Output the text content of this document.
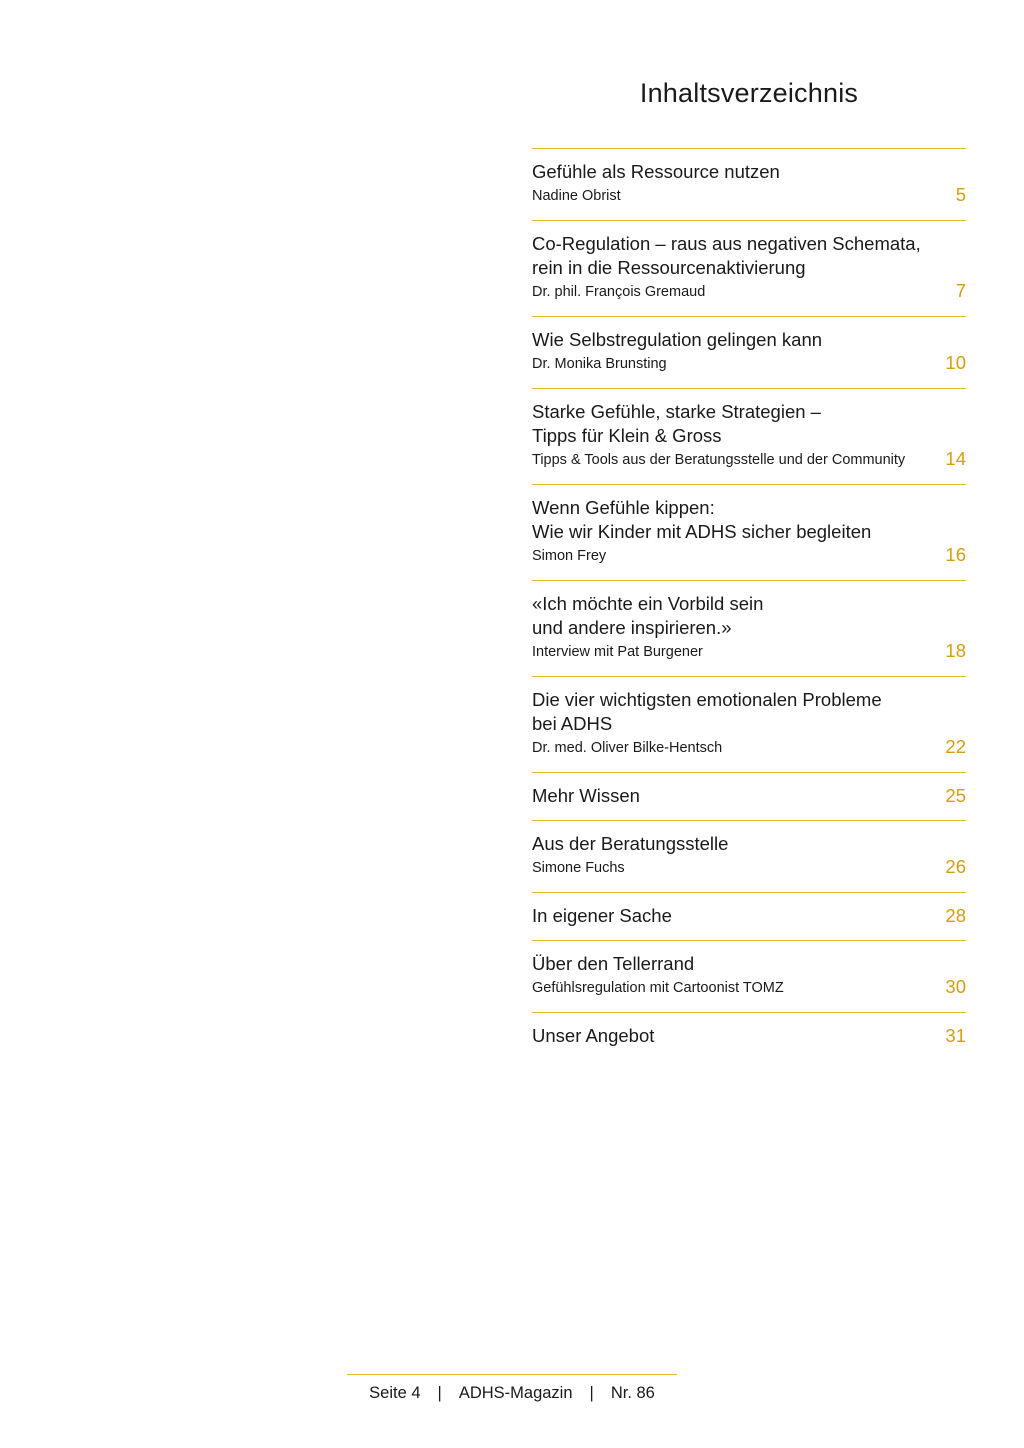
Inhaltsverzeichnis
Gefühle als Ressource nutzen
Nadine Obrist	5
Co-Regulation – raus aus negativen Schemata,
rein in die Ressourcenaktivierung
Dr. phil. François Gremaud	7
Wie Selbstregulation gelingen kann
Dr. Monika Brunsting	10
Starke Gefühle, starke Strategien –
Tipps für Klein & Gross
Tipps & Tools aus der Beratungsstelle und der Community 14
Wenn Gefühle kippen:
Wie wir Kinder mit ADHS sicher begleiten
Simon Frey	16
«Ich möchte ein Vorbild sein
und andere inspirieren.»
Interview mit Pat Burgener	18
Die vier wichtigsten emotionalen Probleme
bei ADHS
Dr. med. Oliver Bilke-Hentsch	22
Mehr Wissen	25
Aus der Beratungsstelle
Simone Fuchs	26
In eigener Sache	28
Über den Tellerrand
Gefühlsregulation mit Cartoonist TOMZ	30
Unser Angebot	31
Seite 4 | ADHS-Magazin | Nr. 86
